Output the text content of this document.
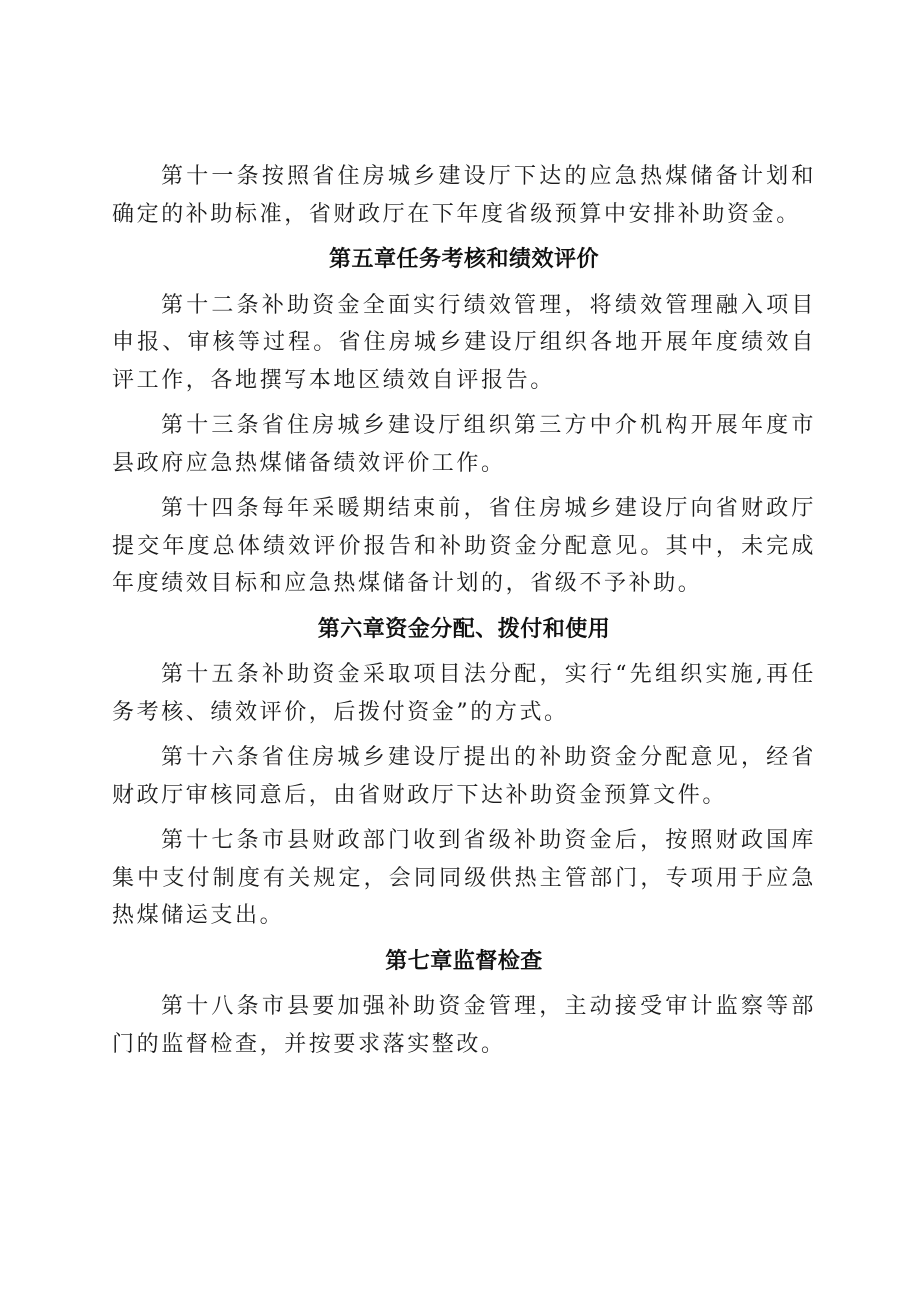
第十一条按照省住房城乡建设厅下达的应急热煤储备计划和确定的补助标准，省财政厅在下年度省级预算中安排补助资金。

第五章任务考核和绩效评价

第十二条补助资金全面实行绩效管理，将绩效管理融入项目申报、审核等过程。省住房城乡建设厅组织各地开展年度绩效自评工作，各地撰写本地区绩效自评报告。

第十三条省住房城乡建设厅组织第三方中介机构开展年度市县政府应急热煤储备绩效评价工作。

第十四条每年采暖期结束前，省住房城乡建设厅向省财政厅提交年度总体绩效评价报告和补助资金分配意见。其中，未完成年度绩效目标和应急热煤储备计划的，省级不予补助。

第六章资金分配、拨付和使用

第十五条补助资金采取项目法分配，实行“先组织实施,再任务考核、绩效评价，后拨付资金”的方式。

第十六条省住房城乡建设厅提出的补助资金分配意见，经省财政厅审核同意后，由省财政厅下达补助资金预算文件。

第十七条市县财政部门收到省级补助资金后，按照财政国库集中支付制度有关规定，会同同级供热主管部门，专项用于应急热煤储运支出。

第七章监督检查

第十八条市县要加强补助资金管理，主动接受审计监察等部门的监督检查，并按要求落实整改。
